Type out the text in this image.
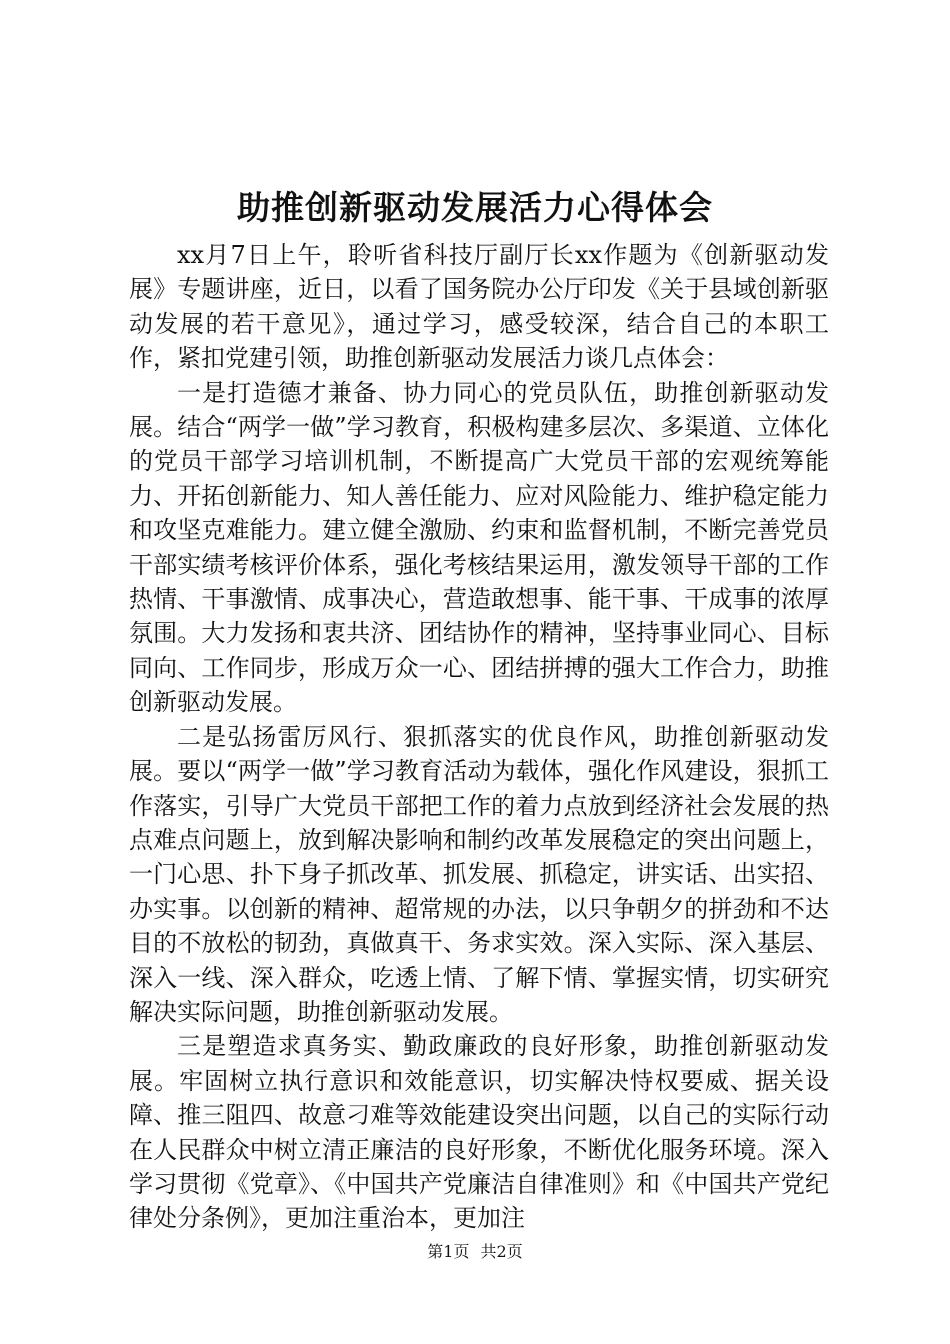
助推创新驱动发展活力心得体会

xx月7日上午，聆听省科技厅副厅长xx作题为《创新驱动发展》专题讲座，近日，以看了国务院办公厅印发《关于县域创新驱动发展的若干意见》，通过学习，感受较深，结合自己的本职工作，紧扣党建引领，助推创新驱动发展活力谈几点体会：

一是打造德才兼备、协力同心的党员队伍，助推创新驱动发展。结合“两学一做”学习教育，积极构建多层次、多渠道、立体化的党员干部学习培训机制，不断提高广大党员干部的宏观统筹能力、开拓创新能力、知人善任能力、应对风险能力、维护稳定能力和攻坚克难能力。建立健全激励、约束和监督机制，不断完善党员干部实绩考核评价体系，强化考核结果运用，激发领导干部的工作热情、干事激情、成事决心，营造敢想事、能干事、干成事的浓厚氛围。大力发扬和衷共济、团结协作的精神，坚持事业同心、目标同向、工作同步，形成万众一心、团结拼搏的强大工作合力，助推创新驱动发展。

二是弘扬雷厉风行、狠抓落实的优良作风，助推创新驱动发展。要以“两学一做”学习教育活动为载体，强化作风建设，狠抓工作落实，引导广大党员干部把工作的着力点放到经济社会发展的热点难点问题上，放到解决影响和制约改革发展稳定的突出问题上，一门心思、扑下身子抓改革、抓发展、抓稳定，讲实话、出实招、办实事。以创新的精神、超常规的办法，以只争朝夕的拼劲和不达目的不放松的韧劲，真做真干、务求实效。深入实际、深入基层、深入一线、深入群众，吃透上情、了解下情、掌握实情，切实研究解决实际问题，助推创新驱动发展。

三是塑造求真务实、勤政廉政的良好形象，助推创新驱动发展。牢固树立执行意识和效能意识，切实解决恃权要威、据关设障、推三阻四、故意刁难等效能建设突出问题，以自己的实际行动在人民群众中树立清正廉洁的良好形象，不断优化服务环境。深入学习贯彻《党章》、《中国共产党廉洁自律准则》和《中国共产党纪律处分条例》，更加注重治本，更加注

第1页 共2页
